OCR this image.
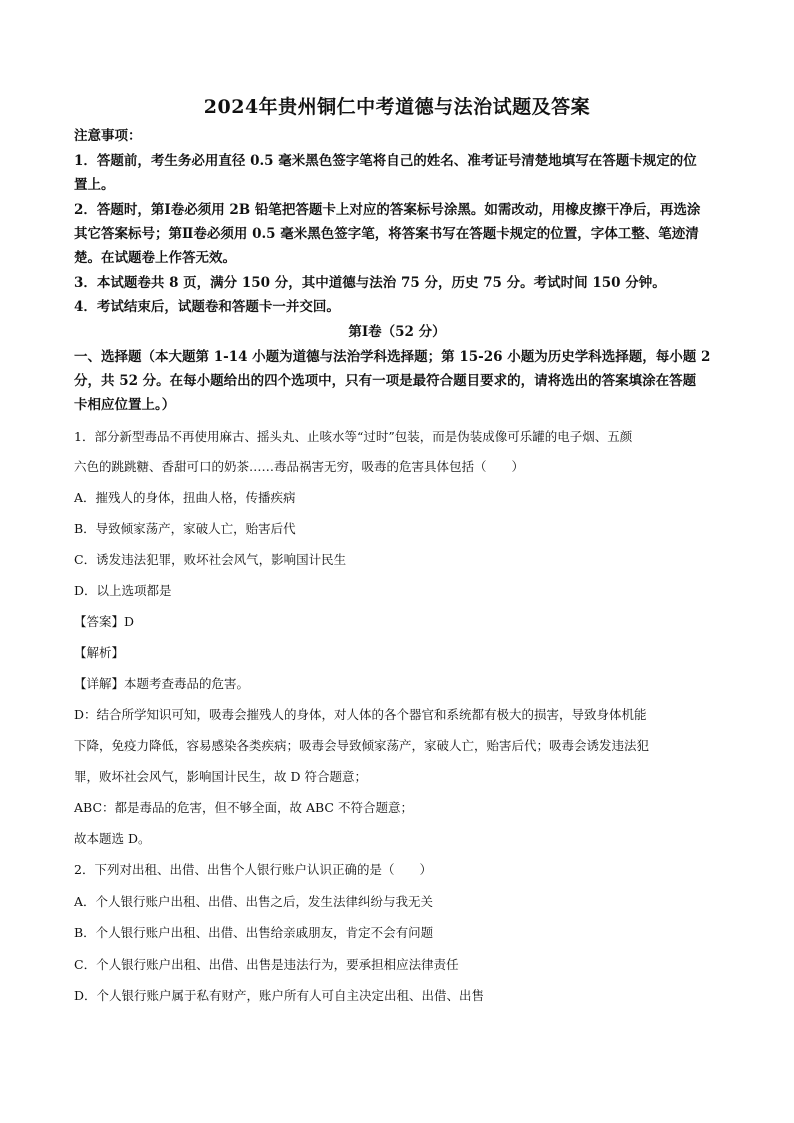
2024年贵州铜仁中考道德与法治试题及答案
注意事项：
1．答题前，考生务必用直径 0.5 毫米黑色签字笔将自己的姓名、准考证号清楚地填写在答题卡规定的位
置上。
2．答题时，第Ⅰ卷必须用 2B 铅笔把答题卡上对应的答案标号涂黑。如需改动，用橡皮擦干净后，再选涂
其它答案标号；第Ⅱ卷必须用 0.5 毫米黑色签字笔，将答案书写在答题卡规定的位置，字体工整、笔迹清
楚。在试题卷上作答无效。
3．本试题卷共 8 页，满分 150 分，其中道德与法治 75 分，历史 75 分。考试时间 150 分钟。
4．考试结束后，试题卷和答题卡一并交回。
第Ⅰ卷（52 分）
一、选择题（本大题第 1-14 小题为道德与法治学科选择题；第 15-26 小题为历史学科选择题，每小题 2
分，共 52 分。在每小题给出的四个选项中，只有一项是最符合题目要求的，请将选出的答案填涂在答题
卡相应位置上。）
1．部分新型毒品不再使用麻古、摇头丸、止咳水等“过时”包装，而是伪装成像可乐罐的电子烟、五颜
六色的跳跳糖、香甜可口的奶茶……毒品祸害无穷，吸毒的危害具体包括（　　）
A．摧残人的身体，扭曲人格，传播疾病
B．导致倾家荡产，家破人亡，贻害后代
C．诱发违法犯罪，败坏社会风气，影响国计民生
D．以上选项都是
【答案】D
【解析】
【详解】本题考查毒品的危害。
D：结合所学知识可知，吸毒会摧残人的身体，对人体的各个器官和系统都有极大的损害，导致身体机能
下降，免疫力降低，容易感染各类疾病；吸毒会导致倾家荡产，家破人亡，贻害后代；吸毒会诱发违法犯
罪，败坏社会风气，影响国计民生，故 D 符合题意；
ABC：都是毒品的危害，但不够全面，故 ABC 不符合题意；
故本题选 D。
2．下列对出租、出借、出售个人银行账户认识正确的是（　　）
A．个人银行账户出租、出借、出售之后，发生法律纠纷与我无关
B．个人银行账户出租、出借、出售给亲戚朋友，肯定不会有问题
C．个人银行账户出租、出借、出售是违法行为，要承担相应法律责任
D．个人银行账户属于私有财产，账户所有人可自主决定出租、出借、出售
